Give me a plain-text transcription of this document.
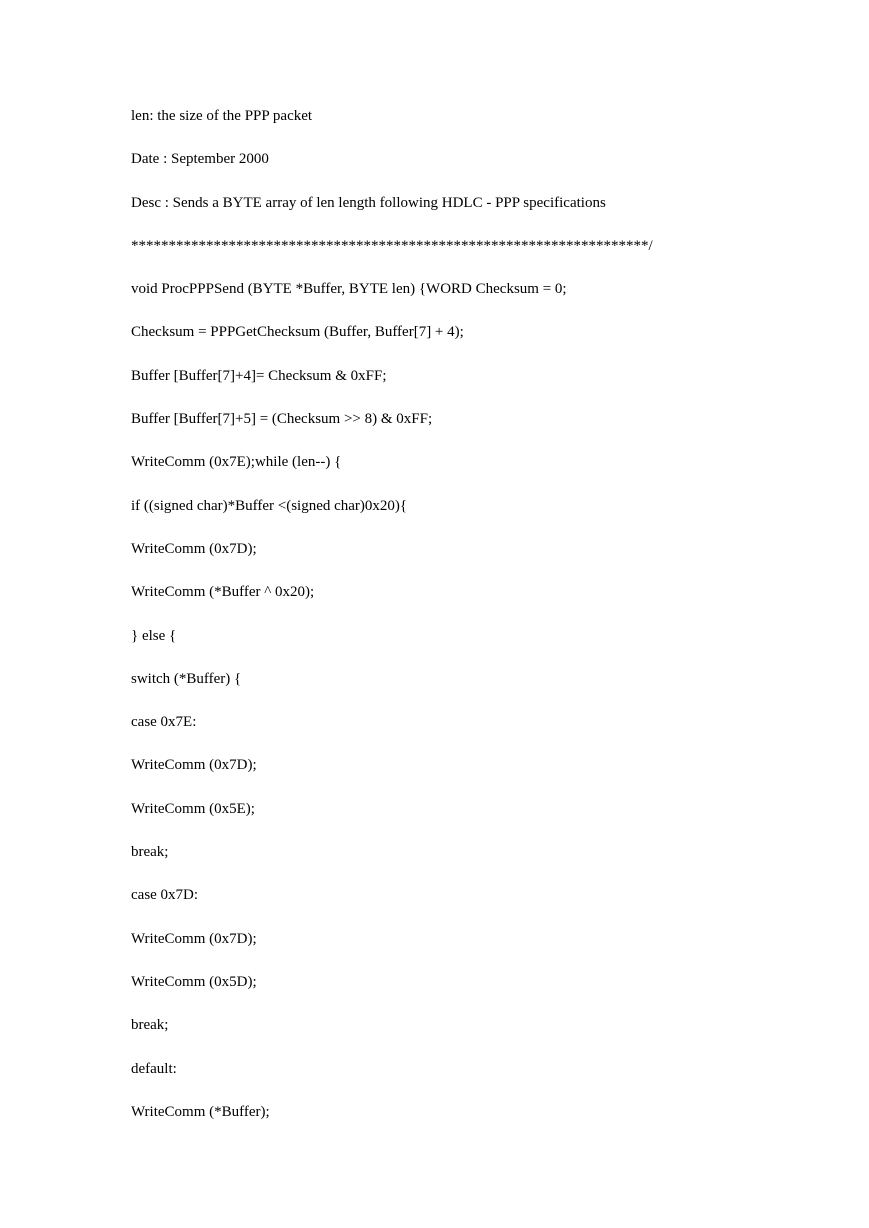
len: the size of the PPP packet

Date : September 2000

Desc : Sends a BYTE array of len length following HDLC - PPP specifications

*********************************************************************/

void ProcPPPSend (BYTE *Buffer, BYTE len) {WORD Checksum = 0;

Checksum = PPPGetChecksum (Buffer, Buffer[7] + 4);

Buffer [Buffer[7]+4]= Checksum & 0xFF;

Buffer [Buffer[7]+5] = (Checksum >> 8) & 0xFF;

WriteComm (0x7E);while (len--) {

if ((signed char)*Buffer <(signed char)0x20){

WriteComm (0x7D);

WriteComm (*Buffer ^ 0x20);

} else {

switch (*Buffer) {

case 0x7E:

WriteComm (0x7D);

WriteComm (0x5E);

break;

case 0x7D:

WriteComm (0x7D);

WriteComm (0x5D);

break;

default:

WriteComm (*Buffer);
